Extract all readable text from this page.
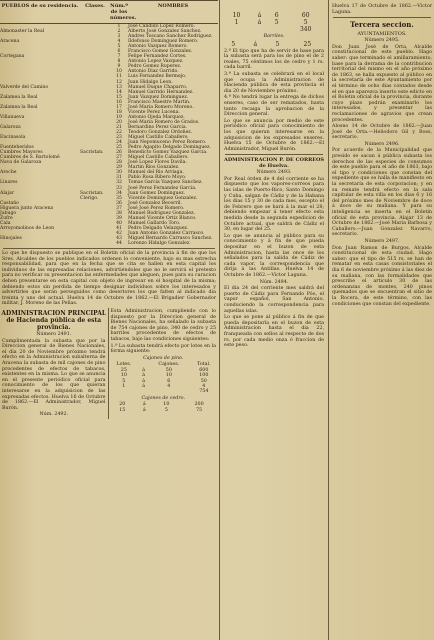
PUEBLOS de su residencia.	Clases.	Núm.º de los números.
NOMBRES
1	José Candido Lopez Romero.
Almonaster la Real	2	Alberto José Gonzalez Sanchez.
3	Andres Toscano Sanchez Rodriguez.
Aracena	4	Ildefonso Dominguez Romero.
5	Antonio Vazquez Romero.
6	Francisco Gomez Gonzalez.
Cortegana	7	Felipe Fernandez Cortes.
8	Antonio Lopez Vazquez.
9	Pedro Gomez Ruperez.
10	Antonio Diaz Garrido.
11	Luis Fernandez Bermejo.
12	Juan Hidalgo Leon.
Valverde del Camino	13	Manuel Duque Chaparro.
14	Manuel Garrido Hernandez.
Zalamea la Real	15	Juan Vazquez Dominguez.
16	Francisco Maestre Martin.
Zalamea la Real	17	José Maria Romero Moreno.
18	Vicente Perez Lucena.
Villanueva	19	Antonio Ojeda Marquez.
20	José Maria Romero de Grados.
Galaroza	21	Bernardino Perez Garcia.
22	Teodoro Gonzalez Ordoñez.
Encinasola	23	Miguel Castillo Caballero.
24	Juan Nepomuceno Perez Romero.
Fuenteheridos	25	Pedro Agapito Delgado Dominguez.
Cumbres Mayores	Sacristan.	26	Benedicto Gomez Vazquez Garcia.
Cumbres de S. Bartolomé	27	Miguel Castillo Caballero.
Nava de Galaroza	28	José Lopez Flores Davila.
29	Martin Rios Gonzalez.
Aroche	30	Manuel del Rio Arriaga.
31	Pablo Rosa Ribero Moyo.
Linares	32	Tomas Garcia Vazquez Sanchez.
33	José Perez Fernandez Garcia.
Alajar	Sacristan.	34	Juan Gomez Dominguez.
Clerigo.	35	Vicente Dominguez Gonzalez.
Castaño	36	José Gonzalez Becerril.
Higuera junto Aracena	37	José José Perez Romero.
Jabugo	38	Manuel Rodriguez Gonzalez.
Zufre	39	Manuel Vicente Ortiz Blanco.
Cala	40	Manuel Gallardo Toro.
Arroyomolinos de Leon	41	Pedro Delgado Velazquez.
42	Juan Antonio Gonzalez Carrasco.
Hinojales	43	Miguel Bernardo Carrasco Sanchez.
44	Lorenzo Hidalgo Gonzalez.
Lo que he dispuesto se publique en el Boletin oficial de la provincia á fin de que los Sres. Alcaldes de los pueblos indicados ordenen lo conveniente, bajo su mas estrecha responsabilidad, para que en la fecha que se cita se hallen en esta capital los individuos de las expresadas relaciones, advirtiéndoles que no le servirá el pretexto para no verificar su presentacion las enfermedades que aleguen, pues para su curacion deben presentarse en esta capital con objeto de ingresar en el hospital de la misma; debiendo estos sin perdida de tiempo designar individuos sobre los interesados y advertirles que serán perseguidos como desertores los que falten al indicado dia treinta y uno del actual. Huelva 14 de Octubre de 1862.—El Brigadier Gobernador militar, J. Moreno de las Peñas.
ADMINISTRACION PRINCIPAL de Hacienda pública de esta provincia.
Número 2491.
Cumplimentada la subasta que por la Direccion general de Bienes Nacionales, el dia 20 de Noviembre próximo tendrá efecto en la Administracion subalterna de Aracena la subasta de mil cajones de pino procedentes de efectos de tabacos, existentes en la misma. Lo que se anuncia en el presente periódico oficial para conocimiento de los que quieran interesarse en la adquisicion de las expresadas efectos. Huelva 16 de Octubre de 1862.—El Administrador, Miguel Burón.
Núm. 2492.
Esta Administracion, cumpliendo con lo dispuesto por la Direccion general de Bienes Nacionales, ha señalado la subasta de 754 cajones de pino, 340 de cedro y 25 barriles procedentes de efectos de tabacos, bajo las condiciones siguientes:
1.ª La subasta tendrá efecto por lotes en la forma siguiente:
Cajones de pino.
Lotes.		Cajones.	Total.
25	á	50	600
10	á	10	100
5	á	6	50
1	á	4	4
			754
Cajones de cedro.
20	á	10	200
15	á	5	75
10	á	6	60
1	á	5	5
			340
Barriles.
5	á	5	25
2.ª El tipo que ha de servir de base para la subasta será para los de pino el de 2 reales, 75 céntimos los de cedro y 1 rs. cada barril.
3.ª La subasta se celebrará en el local que ocupa la Administracion de Hacienda pública de esta provincia el dia 20 de Noviembre próximo.
4.ª No tendrá lugar la entrega de dichos enseres, caso de ser rematados, hasta tanto recaiga la aprobacion de la Direccion general.
Lo que se anuncia por medio de este periódico oficial para conocimiento de los que quieran interesarse en la adquisicion de los expresados enseres. Huelva 15 de Octubre de 1862.—El Administrador, Miguel Burón.
ADMINISTRACION P. DE CORREOS de Huelva.
Número 2493.
Por Real órden de 4 del corriente se ha dispuesto que los vapores-correos para las islas de Puerto-Rico, Santo Domingo y Cuba, salgan de Cádiz y de la Habana los dias 15 y 30 de cada mes, escepto el de Febrero que se hará á la mar el 28; debiendo empezar á tener efecto esta medida desde la segunda expedicion de Octubre actual, que saldrá de Cádiz el 30, en lugar del 25.
Lo que se anuncia al público para su conocimiento y á fin de que pueda depositar en el buzon de esta Administracion, hasta las once de los señalados para la salida de Cádiz de cada vapor, la correspondencia que dirija á las Antillas. Huelva 14 de Octubre de 1862.—Victor Laguna.
Núm. 2494.
El dia 24 del corriente mes saldrá del puerto de Cádiz para Fernando Póo, el vapor español, San Antonio, conduciendo la correspondencia para aquellas islas.
Lo que se pone al público á fin de que pueda depositarla en el buzon de esta Administracion hasta el dia 22, franqueada con sellos al respecto de dos rs. por cada medio onza ó fraccion de este peso.
Huelva 17 de Octubre de 1862.—Victor Laguna.
Tercera seccion.
AYUNTAMIENTOS.
Número 2495.
Don Juan José de Orta, Alcalde constitucional de este pueblo. Hago saber: que terminado el amillaramiento, base para la derrama de la contribucion territorial del mismo en el año próximo de 1863, se halla expuesto al público en la secretaría de este Ayuntamiento por el término de ocho dias contados desde el en que aparezca inserto este edicto en el Boletin oficial de la provincia, durante cuyo plazo podrán examinarlo los interesados, y presentar las reclamaciones de agravios que crean procedentes.
Alosno 14 de Octubre de 1862.—Juan José de Orta.—Heliodoro Gil y Ross, secretario.
Número 2496.
Por acuerdo de la Municipalidad que presido se sacan á pública subasta los derechos de las especies de consumos de este pueblo para el año de 1863, bajo el tipo y condiciones que constan del expediente que se halla de manifiesto en la secretaría de esta corporacion; y en su remate tendrá efecto en la sala capitular de esta villa en los dias 6 y 16 del próximo mes de Noviembre de doce á doce de su mañana. Y para su inteligencia se inserta en el Boletin oficial de esta provincia. Alajar 13 de Octubre de 1862.—José Maria Barbosa y Caballero.—Juan Gonzalez Navarro, secretario.
Número 2497.
Don Juan Ramon de Burgos, Alcalde constitucional de esta ciudad. Hago saber: que el tipo de 515 rs. se han de rematar en esta casas consistoriales el dia 6 de noviembre próximo á las diez de su mañana, con las formalidades que prescribe el artículo 30 de las ordenanzas de montes, 240 pinos quemados que se encuentran el sitio de la Rocera, de este término, con las condiciones que constan del expediente.
